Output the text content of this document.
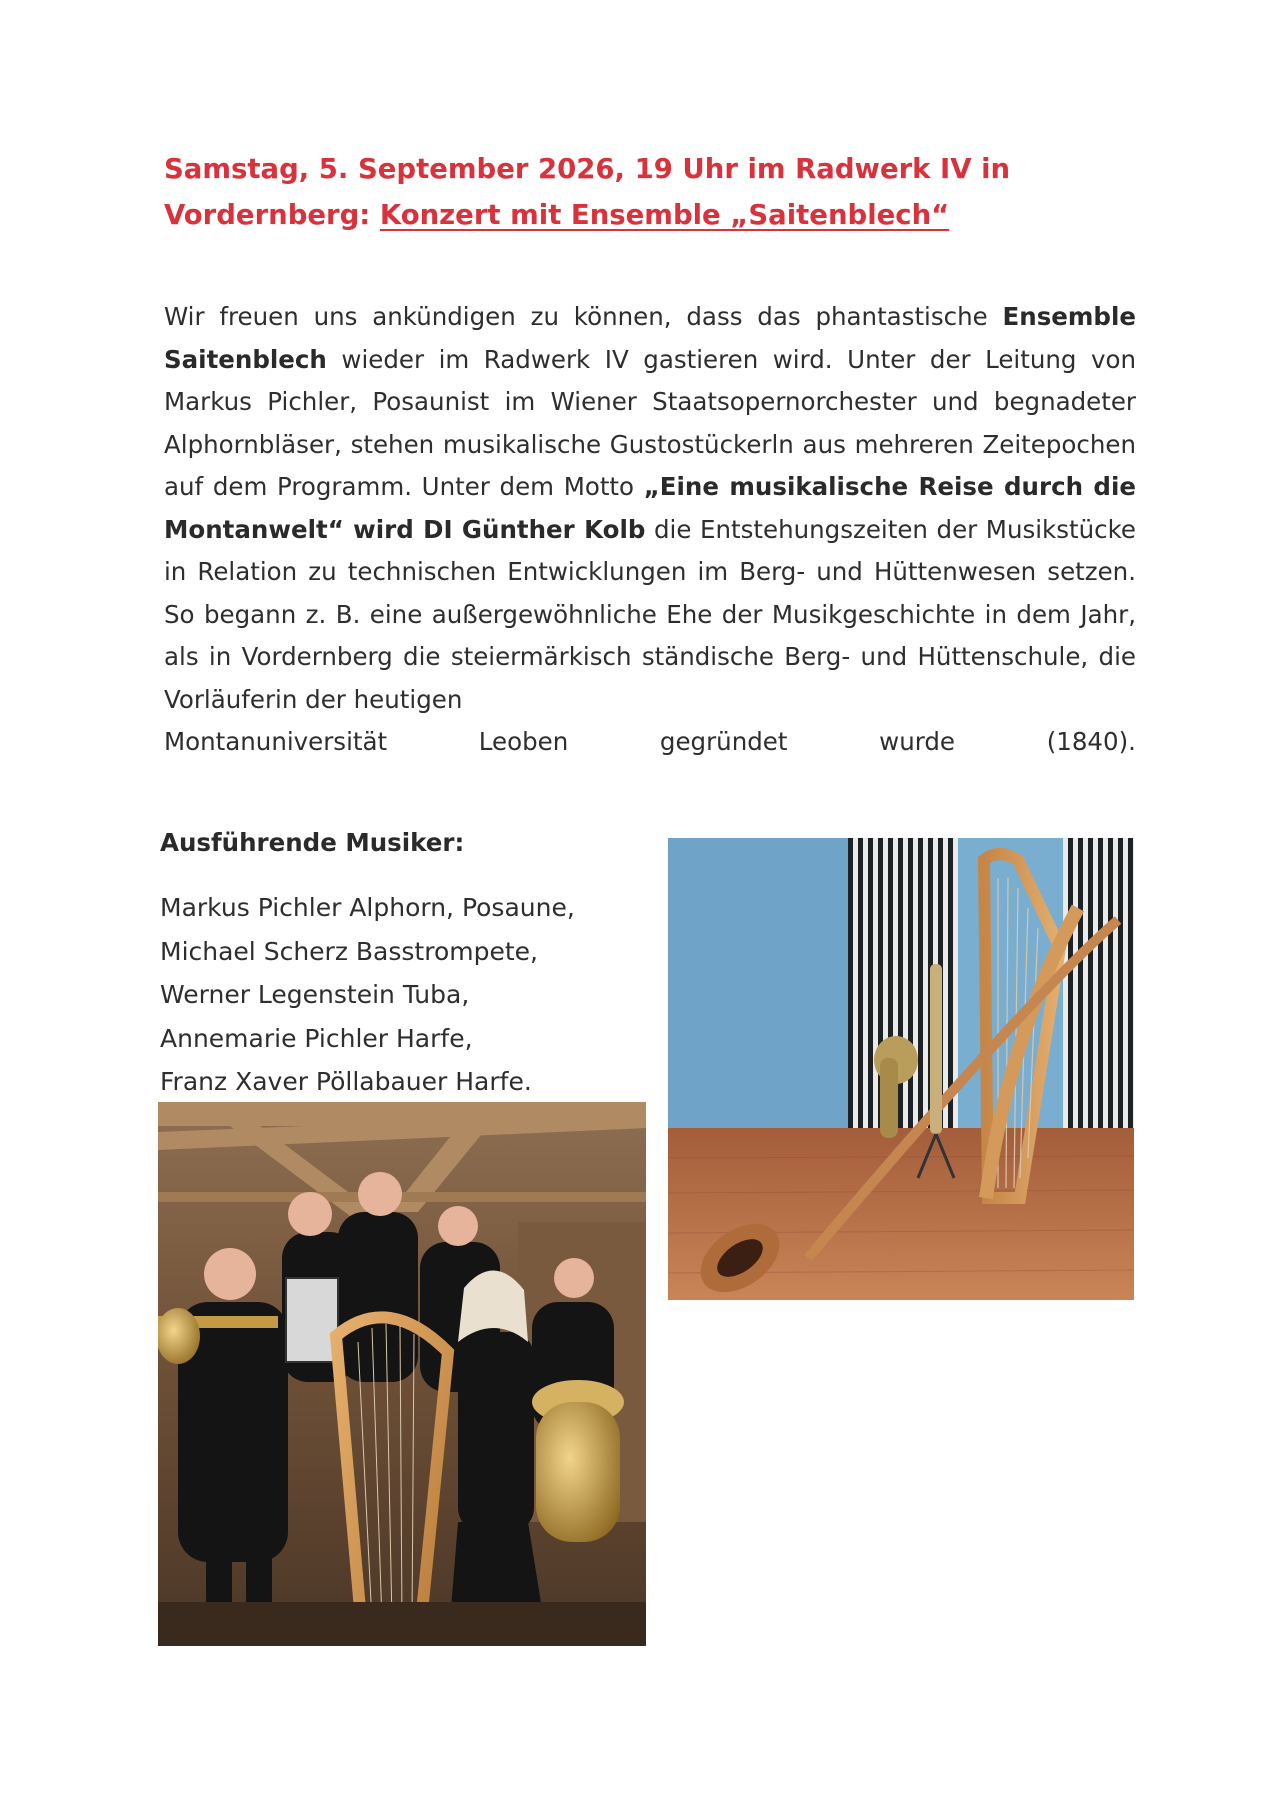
Samstag, 5. September 2026, 19 Uhr im Radwerk IV in
Vordernberg: Konzert mit Ensemble „Saitenblech“

Wir freuen uns ankündigen zu können, dass das phantastische Ensemble Saitenblech wieder im Radwerk IV gastieren wird. Unter der Leitung von Markus Pichler, Posaunist im Wiener Staatsopernorchester und begnadeter Alphornbläser, stehen musikalische Gustostückerln aus mehreren Zeitepochen auf dem Programm. Unter dem Motto „Eine musikalische Reise durch die Montanwelt“ wird DI Günther Kolb die Entstehungszeiten der Musikstücke in Relation zu technischen Entwicklungen im Berg- und Hüttenwesen setzen. So begann z. B. eine außergewöhnliche Ehe der Musikgeschichte in dem Jahr, als in Vordernberg die steiermärkisch ständische Berg- und Hüttenschule, die Vorläuferin der heutigen
Montanuniversität	Leoben	gegründet	wurde	(1840).

Ausführende Musiker:
Markus Pichler Alphorn, Posaune,
Michael Scherz Basstrompete,
Werner Legenstein Tuba,
Annemarie Pichler Harfe,
Franz Xaver Pöllabauer Harfe.
